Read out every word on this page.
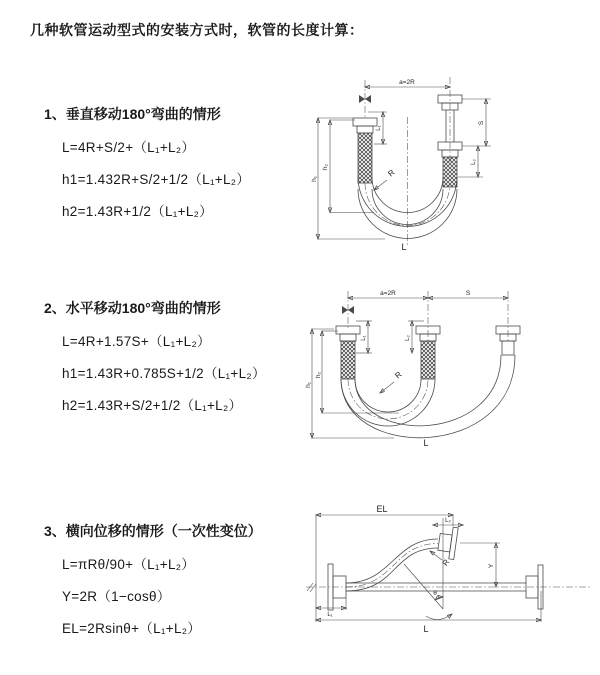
几种软管运动型式的安装方式时，软管的长度计算：
1、垂直移动180°弯曲的情形
L=4R+S/2+（L₁+L₂）
h1=1.432R+S/2+1/2（L₁+L₂）
h2=1.43R+1/2（L₁+L₂）
2、水平移动180°弯曲的情形
L=4R+1.57S+（L₁+L₂）
h1=1.43R+0.785S+1/2（L₁+L₂）
h2=1.43R+S/2+1/2（L₁+L₂）
3、横向位移的情形（一次性变位）
L=πRθ/90+（L₁+L₂）
Y=2R（1−cosθ）
EL=2Rsinθ+（L₁+L₂）
a=2R
h₁
h₂
L₁
S
L₂
R
L
a=2R	S
h₁
h₂
L₁	L₂
R
L
EL
L₂
Y
R
θ
L
L₁
